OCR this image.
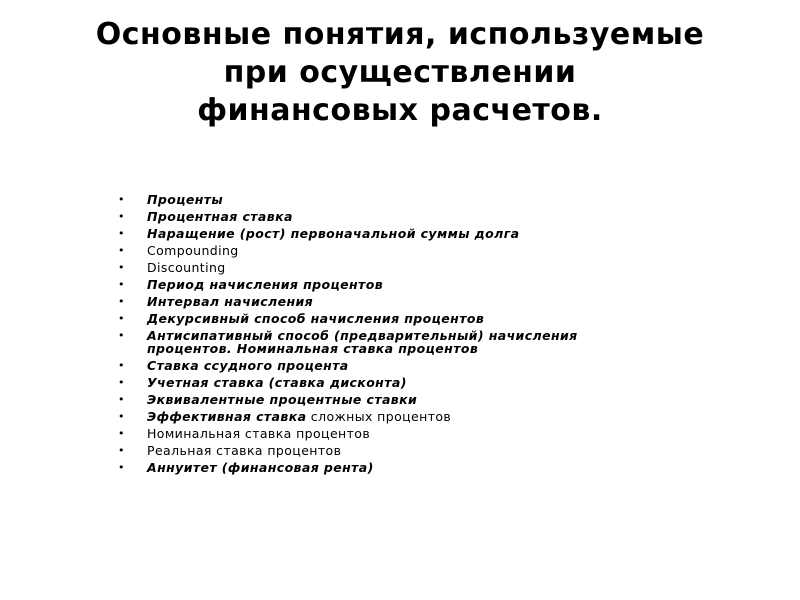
Основные понятия, используемые
при осуществлении
финансовых расчетов.
• Проценты
• Процентная ставка
• Наращение (рост) первоначальной суммы долга
• Compounding
• Discounting
• Период начисления процентов
• Интервал начисления
• Декурсивный способ начисления процентов
• Антисипативный способ (предварительный) начисления процентов. Номинальная ставка процентов
• Ставка ссудного процента
• Учетная ставка (ставка дисконта)
• Эквивалентные процентные ставки
• Эффективная ставка сложных процентов
• Номинальная ставка процентов
• Реальная ставка процентов
• Аннуитет (финансовая рента)
